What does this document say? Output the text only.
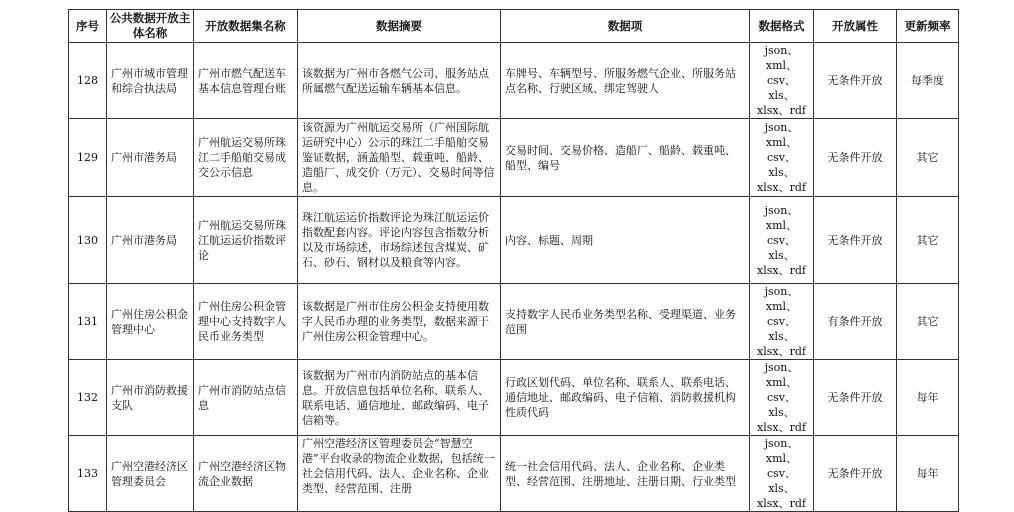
序号	公共数据开放主体名称	开放数据集名称	数据摘要	数据项	数据格式	开放属性	更新频率
128	广州市城市管理和综合执法局	广州市燃气配送车基本信息管理台账	该数据为广州市各燃气公司、服务站点所属燃气配送运输车辆基本信息。	车牌号、车辆型号、所服务燃气企业、所服务站点名称、行驶区域、绑定驾驶人	json、xml、csv、xls、xlsx、rdf	无条件开放	每季度
129	广州市港务局	广州航运交易所珠江二手船舶交易成交公示信息	该资源为广州航运交易所（广州国际航运研究中心）公示的珠江二手船舶交易鉴证数据，涵盖船型、载重吨、船龄、造船厂、成交价（万元）、交易时间等信息。	交易时间、交易价格、造船厂、船龄、载重吨、船型、编号	json、xml、csv、xls、xlsx、rdf	无条件开放	其它
130	广州市港务局	广州航运交易所珠江航运运价指数评论	珠江航运运价指数评论为珠江航运运价指数配套内容。评论内容包含指数分析以及市场综述，市场综述包含煤炭、矿石、砂石、钢材以及粮食等内容。	内容、标题、周期	json、xml、csv、xls、xlsx、rdf	无条件开放	其它
131	广州住房公积金管理中心	广州住房公积金管理中心支持数字人民币业务类型	该数据是广州市住房公积金支持使用数字人民币办理的业务类型，数据来源于广州住房公积金管理中心。	支持数字人民币业务类型名称、受理渠道、业务范围	json、xml、csv、xls、xlsx、rdf	有条件开放	其它
132	广州市消防救援支队	广州市消防站点信息	该数据为广州市内消防站点的基本信息。开放信息包括单位名称、联系人、联系电话、通信地址、邮政编码、电子信箱等。	行政区划代码、单位名称、联系人、联系电话、通信地址、邮政编码、电子信箱、消防救援机构性质代码	json、xml、csv、xls、xlsx、rdf	无条件开放	每年
133	广州空港经济区管理委员会	广州空港经济区物流企业数据	广州空港经济区管理委员会“智慧空港”平台收录的物流企业数据，包括统一社会信用代码、法人、企业名称、企业类型、经营范围、注册	统一社会信用代码、法人、企业名称、企业类型、经营范围、注册地址、注册日期、行业类型	json、xml、csv、xls、xlsx、rdf	无条件开放	每年
